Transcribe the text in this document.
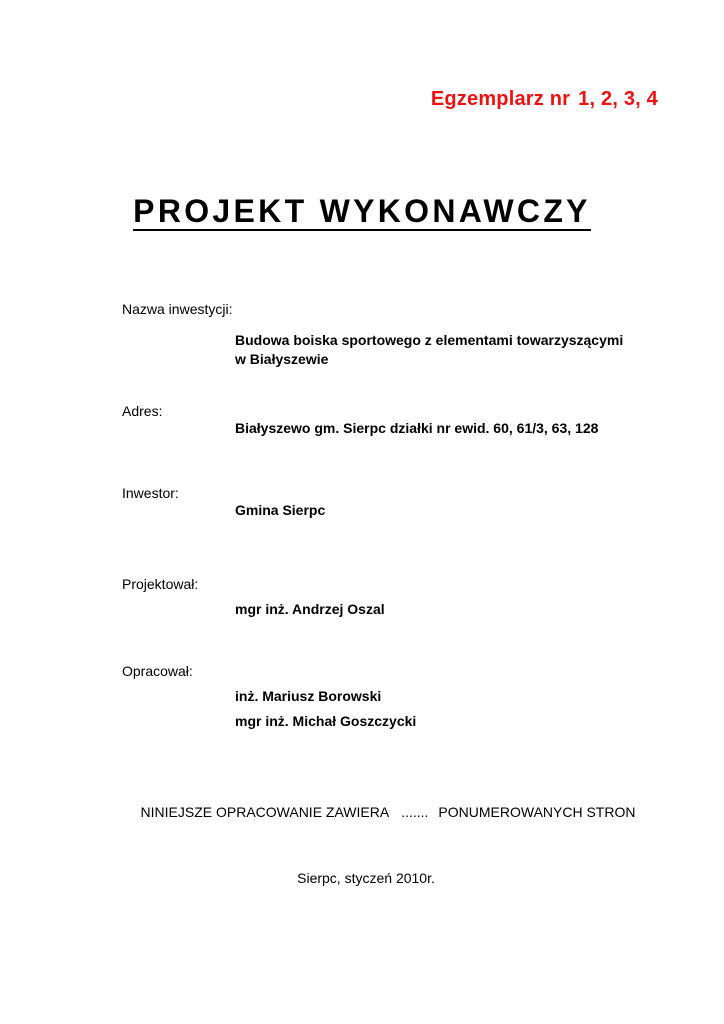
Egzemplarz nr 1, 2, 3, 4
PROJEKT WYKONAWCZY
Nazwa inwestycji:
Budowa boiska sportowego z elementami towarzyszącymi
w Białyszewie
Adres:
Białyszewo gm. Sierpc działki nr ewid. 60, 61/3, 63, 128
Inwestor:
Gmina Sierpc
Projektował:
mgr inż. Andrzej Oszal
Opracował:
inż. Mariusz Borowski
mgr inż. Michał Goszczycki
NINIEJSZE OPRACOWANIE ZAWIERA ....... PONUMEROWANYCH STRON
Sierpc, styczeń 2010r.
